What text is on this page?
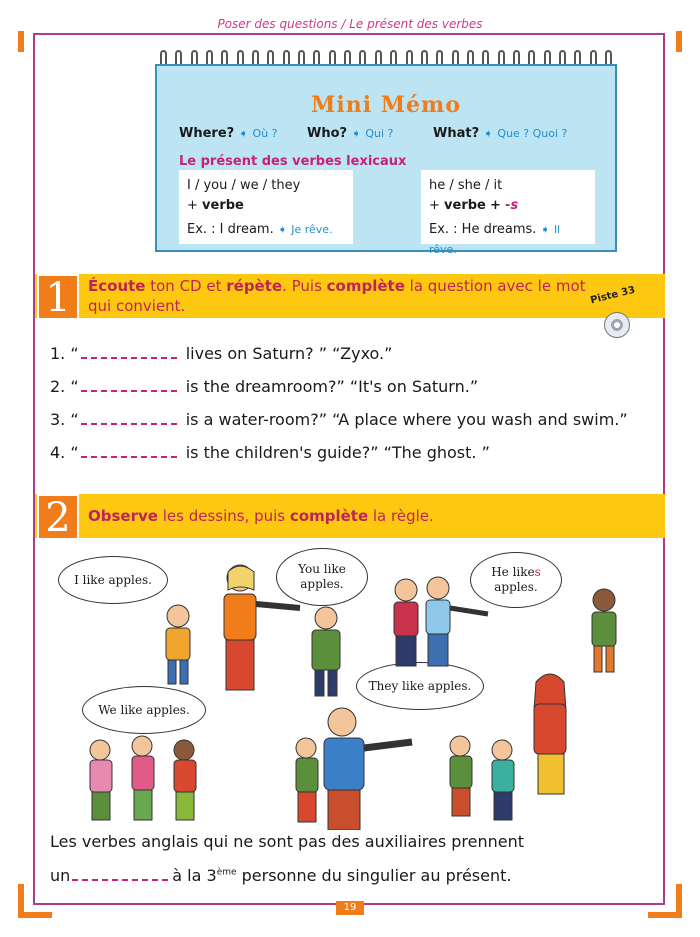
Poser des questions / Le présent des verbes
Mini Mémo
Where? ➧ Où ? Who? ➧ Qui ?	What? ➧ Que ? Quoi ?
Le présent des verbes lexicaux
I / you / we / they
+ verbe
Ex. : I dream. ➧ Je rêve.
he / she / it
+ verbe + -s
Ex. : He dreams. ➧ Il rêve.
1	Écoute ton CD et répète. Puis complète la question avec le mot qui convient.	Piste 33
1. “	lives on Saturn? ” “Zyxo.”
2. “	is the dreamroom?” “It's on Saturn.”
3. “	is a water-room?” “A place where you wash and swim.”
4. “	is the children's guide?” “The ghost. ”
2	Observe les dessins, puis complète la règle.
I like apples.
You like
apples.
He likes
apples.
They like apples.
We like apples.
Les verbes anglais qui ne sont pas des auxiliaires prennent
un	à la 3ème personne du singulier au présent.
19
